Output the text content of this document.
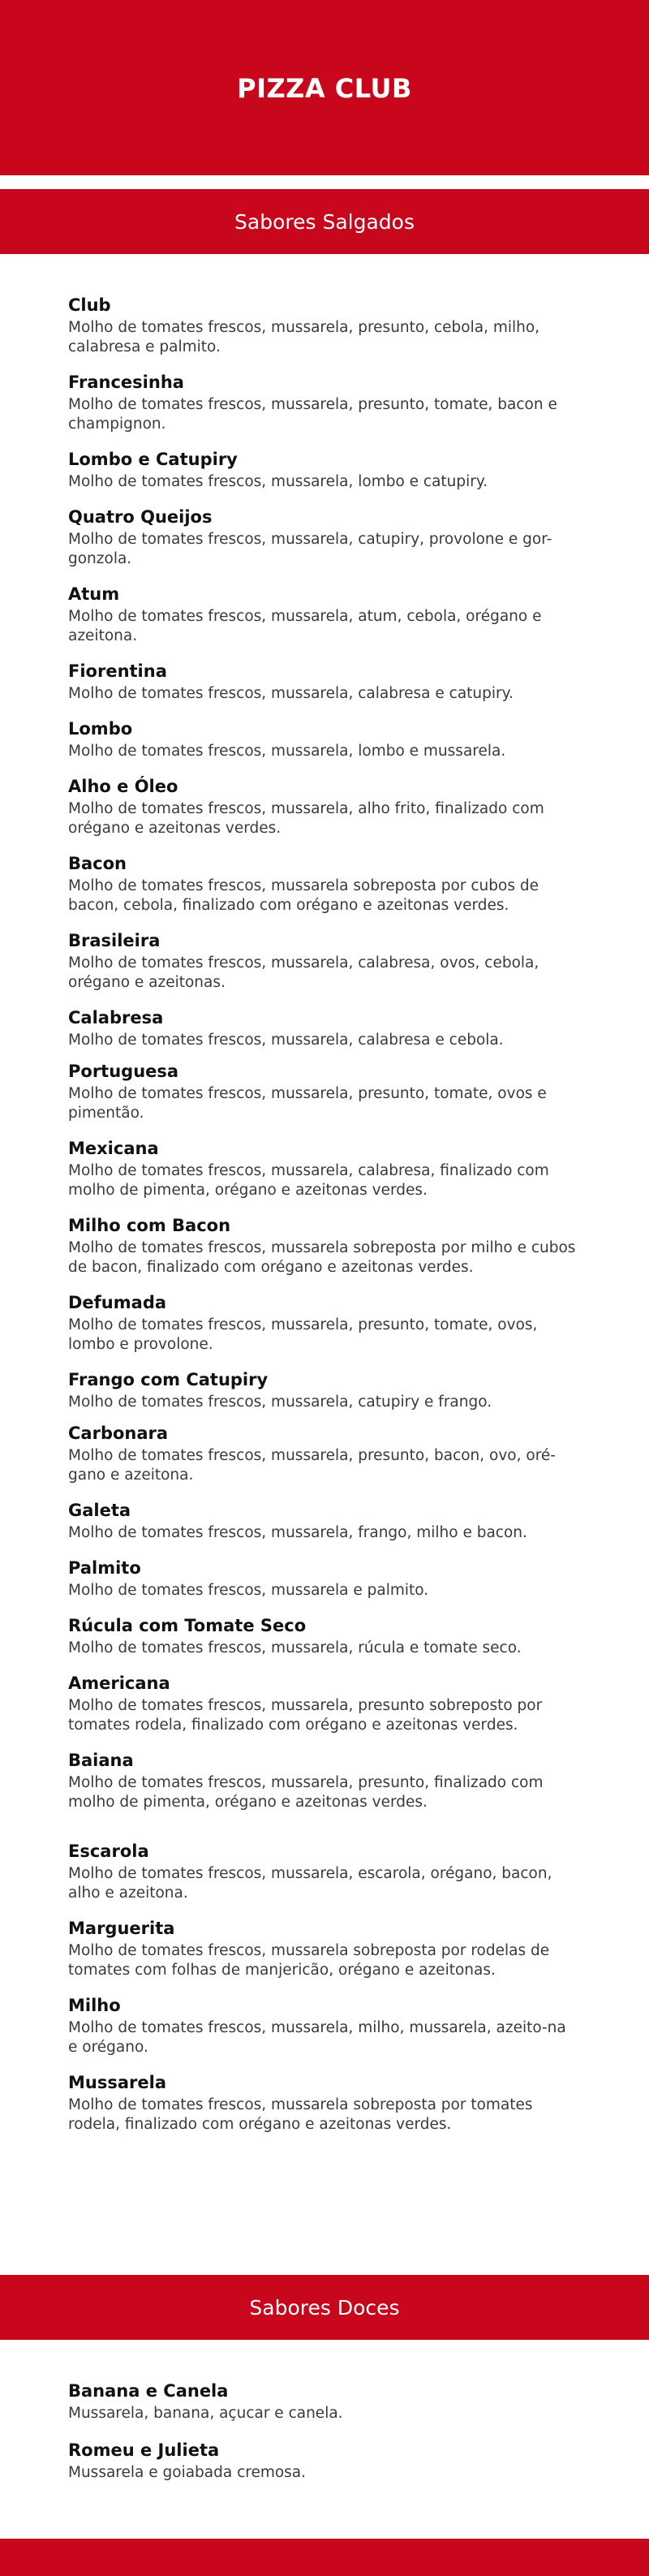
PIZZA CLUB
Sabores Salgados

Club

Molho de tomates frescos, mussarela, presunto, cebola, milho, calabresa e palmito.

Francesinha

Molho de tomates frescos, mussarela, presunto, tomate, bacon e champignon.

Lombo e Catupiry

Molho de tomates frescos, mussarela, lombo e catupiry.

Quatro Queijos

Molho de tomates frescos, mussarela, catupiry, provolone e gor-gonzola.

Atum

Molho de tomates frescos, mussarela, atum, cebola, orégano e azeitona.

Fiorentina

Molho de tomates frescos, mussarela, calabresa e catupiry.

Lombo

Molho de tomates frescos, mussarela, lombo e mussarela.

Alho e Óleo

Molho de tomates frescos, mussarela, alho frito, finalizado com orégano e azeitonas verdes.

Bacon

Molho de tomates frescos, mussarela sobreposta por cubos de bacon, cebola, finalizado com orégano e azeitonas verdes.

Brasileira

Molho de tomates frescos, mussarela, calabresa, ovos, cebola, orégano e azeitonas.

Calabresa

Molho de tomates frescos, mussarela, calabresa e cebola.

Portuguesa

Molho de tomates frescos, mussarela, presunto, tomate, ovos e pimentão.

Mexicana

Molho de tomates frescos, mussarela, calabresa, finalizado com molho de pimenta, orégano e azeitonas verdes.

Milho com Bacon

Molho de tomates frescos, mussarela sobreposta por milho e cubos de bacon, finalizado com orégano e azeitonas verdes.

Defumada

Molho de tomates frescos, mussarela, presunto, tomate, ovos, lombo e provolone.

Frango com Catupiry

Molho de tomates frescos, mussarela, catupiry e frango.

Carbonara

Molho de tomates frescos, mussarela, presunto, bacon, ovo, oré-gano e azeitona.

Galeta

Molho de tomates frescos, mussarela, frango, milho e bacon.

Palmito

Molho de tomates frescos, mussarela e palmito.

Rúcula com Tomate Seco

Molho de tomates frescos, mussarela, rúcula e tomate seco.

Americana

Molho de tomates frescos, mussarela, presunto sobreposto por tomates rodela, finalizado com orégano e azeitonas verdes.

Baiana

Molho de tomates frescos, mussarela, presunto, finalizado com molho de pimenta, orégano e azeitonas verdes.

Escarola

Molho de tomates frescos, mussarela, escarola, orégano, bacon, alho e azeitona.

Marguerita

Molho de tomates frescos, mussarela sobreposta por rodelas de tomates com folhas de manjericão, orégano e azeitonas.

Milho

Molho de tomates frescos, mussarela, milho, mussarela, azeito-na e orégano.

Mussarela

Molho de tomates frescos, mussarela sobreposta por tomates rodela, finalizado com orégano e azeitonas verdes.

Sabores Doces

Banana e Canela

Mussarela, banana, açucar e canela.

Romeu e Julieta

Mussarela e goiabada cremosa.
